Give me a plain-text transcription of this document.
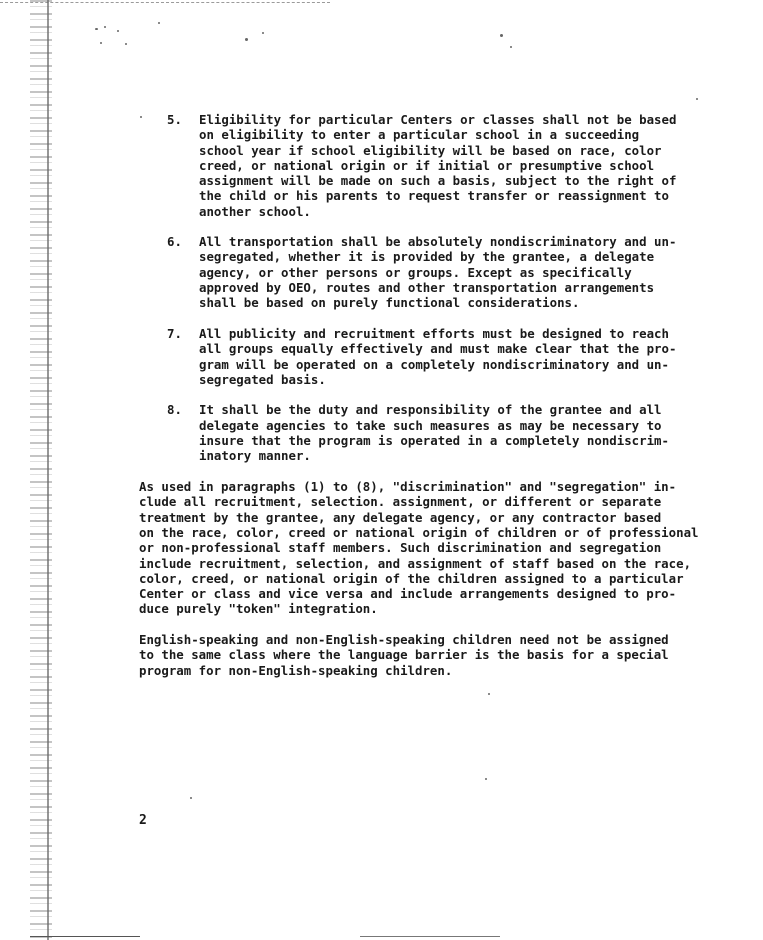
5. Eligibility for particular Centers or classes shall not be based
on eligibility to enter a particular school in a succeeding
school year if school eligibility will be based on race, color
creed, or national origin or if initial or presumptive school
assignment will be made on such a basis, subject to the right of
the child or his parents to request transfer or reassignment to
another school.
6. All transportation shall be absolutely nondiscriminatory and un-
segregated, whether it is provided by the grantee, a delegate
agency, or other persons or groups. Except as specifically
approved by OEO, routes and other transportation arrangements
shall be based on purely functional considerations.
7. All publicity and recruitment efforts must be designed to reach
all groups equally effectively and must make clear that the pro-
gram will be operated on a completely nondiscriminatory and un-
segregated basis.
8. It shall be the duty and responsibility of the grantee and all
delegate agencies to take such measures as may be necessary to
insure that the program is operated in a completely nondiscrim-
inatory manner.
As used in paragraphs (1) to (8), "discrimination" and "segregation" in-
clude all recruitment, selection. assignment, or different or separate
treatment by the grantee, any delegate agency, or any contractor based
on the race, color, creed or national origin of children or of professional
or non-professional staff members. Such discrimination and segregation
include recruitment, selection, and assignment of staff based on the race,
color, creed, or national origin of the children assigned to a particular
Center or class and vice versa and include arrangements designed to pro-
duce purely "token" integration.
English-speaking and non-English-speaking children need not be assigned
to the same class where the language barrier is the basis for a special
program for non-English-speaking children.
2
